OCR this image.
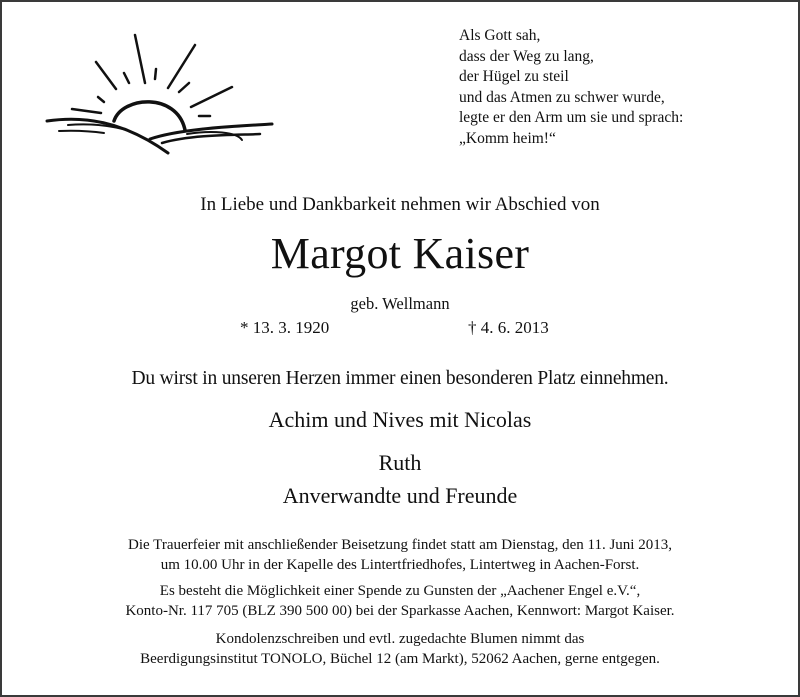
Als Gott sah,
dass der Weg zu lang,
der Hügel zu steil
und das Atmen zu schwer wurde,
legte er den Arm um sie und sprach:
„Komm heim!“
In Liebe und Dankbarkeit nehmen wir Abschied von
Margot Kaiser
geb. Wellmann
* 13. 3. 1920	† 4. 6. 2013
Du wirst in unseren Herzen immer einen besonderen Platz einnehmen.
Achim und Nives mit Nicolas
Ruth
Anverwandte und Freunde
Die Trauerfeier mit anschließender Beisetzung findet statt am Dienstag, den 11. Juni 2013,
um 10.00 Uhr in der Kapelle des Lintertfriedhofes, Lintertweg in Aachen-Forst.
Es besteht die Möglichkeit einer Spende zu Gunsten der „Aachener Engel e.V.“,
Konto-Nr. 117 705 (BLZ 390 500 00) bei der Sparkasse Aachen, Kennwort: Margot Kaiser.
Kondolenzschreiben und evtl. zugedachte Blumen nimmt das
Beerdigungsinstitut TONOLO, Büchel 12 (am Markt), 52062 Aachen, gerne entgegen.
